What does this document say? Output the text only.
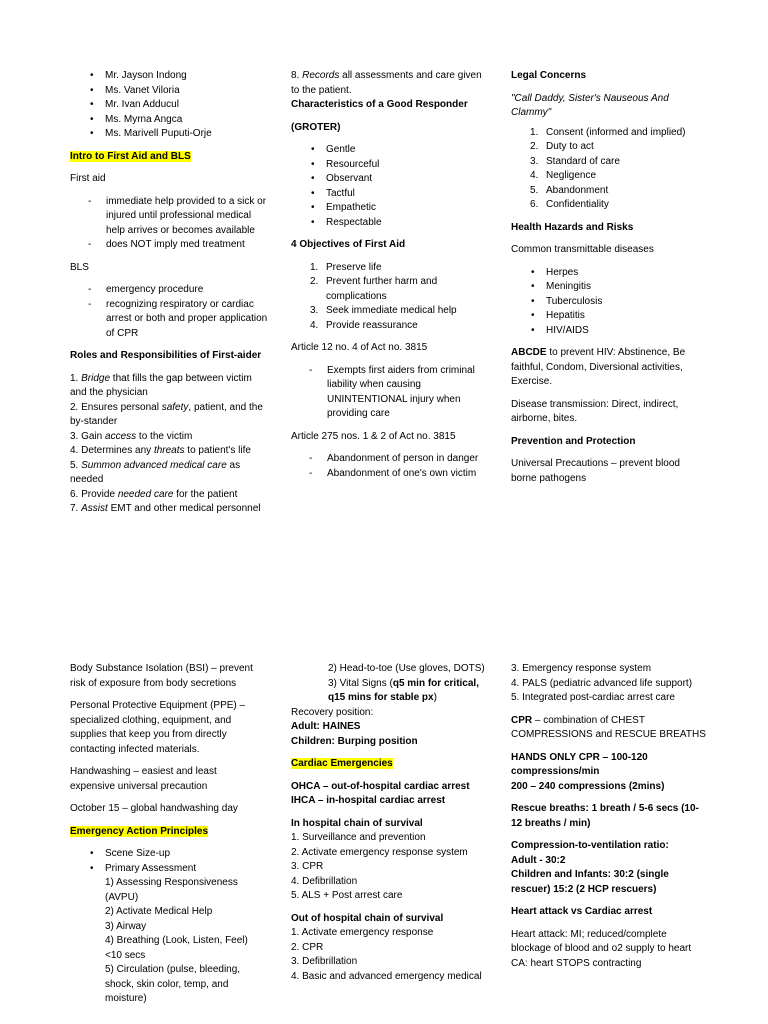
• Mr. Jayson Indong
• Ms. Vanet Viloria
• Mr. Ivan Adducul
• Ms. Myrna Angca
• Ms. Marivell Puputi-Orje

Intro to First Aid and BLS

First aid

- immediate help provided to a sick or injured until professional medical help arrives or becomes available
- does NOT imply med treatment

BLS

- emergency procedure
- recognizing respiratory or cardiac arrest or both and proper application of CPR

Roles and Responsibilities of First-aider

1. Bridge that fills the gap between victim and the physician

2. Ensures personal safety, patient, and the by-stander

3. Gain access to the victim

4. Determines any threats to patient's life

5. Summon advanced medical care as needed

6. Provide needed care for the patient

7. Assist EMT and other medical personnel

8. Records all assessments and care given to the patient.

Characteristics of a Good Responder

(GROTER)

• Gentle
• Resourceful
• Observant
• Tactful
• Empathetic
• Respectable

4 Objectives of First Aid

1. Preserve life
2. Prevent further harm and complications
3. Seek immediate medical help
4. Provide reassurance

Article 12 no. 4 of Act no. 3815

- Exempts first aiders from criminal liability when causing UNINTENTIONAL injury when providing care

Article 275 nos. 1 & 2 of Act no. 3815

- Abandonment of person in danger
- Abandonment of one's own victim

Legal Concerns

"Call Daddy, Sister's Nauseous And Clammy"

1. Consent (informed and implied)
2. Duty to act
3. Standard of care
4. Negligence
5. Abandonment
6. Confidentiality

Health Hazards and Risks

Common transmittable diseases

• Herpes
• Meningitis
• Tuberculosis
• Hepatitis
• HIV/AIDS

ABCDE to prevent HIV: Abstinence, Be faithful, Condom, Diversional activities, Exercise.

Disease transmission: Direct, indirect, airborne, bites.

Prevention and Protection

Universal Precautions – prevent blood borne pathogens

Body Substance Isolation (BSI) – prevent risk of exposure from body secretions

Personal Protective Equipment (PPE) – specialized clothing, equipment, and supplies that keep you from directly contacting infected materials.

Handwashing – easiest and least expensive universal precaution

October 15 – global handwashing day

Emergency Action Principles

• Scene Size-up
• Primary Assessment

1) Assessing Responsiveness (AVPU)

2) Activate Medical Help

3) Airway

4) Breathing (Look, Listen, Feel) <10 secs

5) Circulation (pulse, bleeding, shock, skin color, temp, and moisture)

2) Head-to-toe (Use gloves, DOTS)

3) Vital Signs (q5 min for critical, q15 mins for stable px)

Recovery position:

Adult: HAINES

Children: Burping position

Cardiac Emergencies

OHCA – out-of-hospital cardiac arrest

IHCA – in-hospital cardiac arrest

In hospital chain of survival

1. Surveillance and prevention

2. Activate emergency response system

3. CPR

4. Defibrillation

5. ALS + Post arrest care

Out of hospital chain of survival

1. Activate emergency response

2. CPR

3. Defibrillation

4. Basic and advanced emergency medical

3. Emergency response system

4. PALS (pediatric advanced life support)

5. Integrated post-cardiac arrest care

CPR – combination of CHEST COMPRESSIONS and RESCUE BREATHS

HANDS ONLY CPR – 100-120 compressions/min

200 – 240 compressions (2mins)

Rescue breaths: 1 breath / 5-6 secs (10-12 breaths / min)

Compression-to-ventilation ratio:

Adult - 30:2

Children and Infants: 30:2 (single rescuer) 15:2 (2 HCP rescuers)

Heart attack vs Cardiac arrest

Heart attack: MI; reduced/complete blockage of blood and o2 supply to heart

CA: heart STOPS contracting
